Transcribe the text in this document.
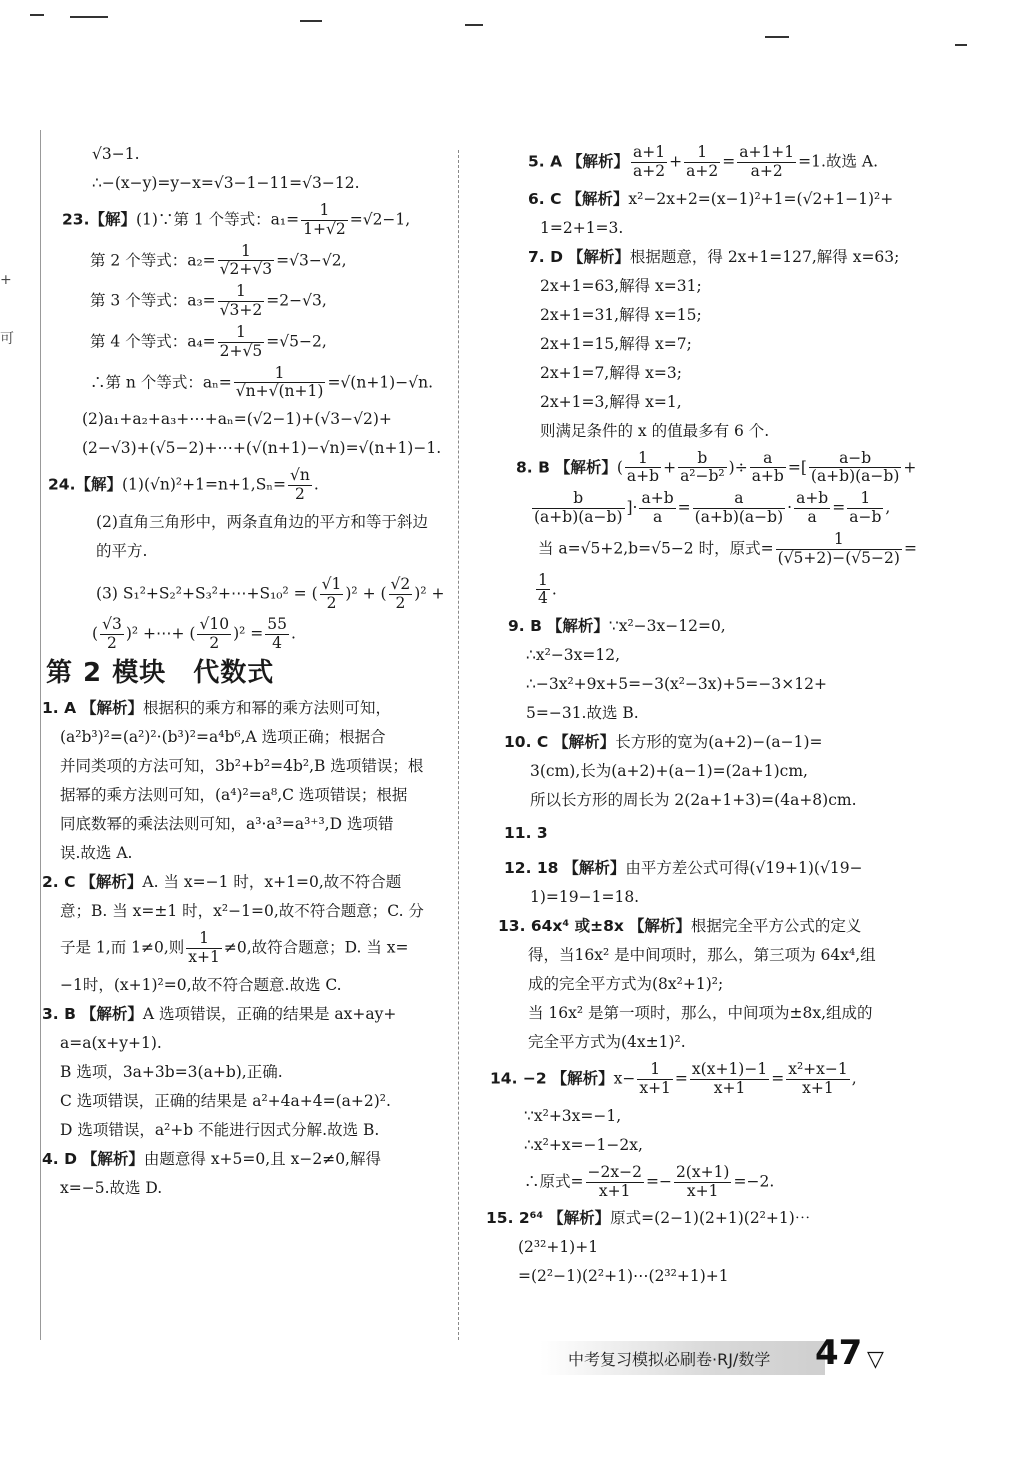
+
可
√3−1.
∴−(x−y)=y−x=√3−1−11=√3−12.
23.【解】(1)∵第 1 个等式：$a_1= \frac{1}{1+√2} =√2-1$,
第 2 个等式：$a_2= \frac{1}{√2+√3} =√3-√2$,
第 3 个等式：$a_3= \frac{1}{√3+2} =2-√3$,
第 4 个等式：$a_4= \frac{1}{2+√5} =√5-2$,
∴第 n 个等式：$a_n= \frac{1}{√n+√(n+1)} =√(n+1)-√n$.
(2)a₁+a₂+a₃+⋯+aₙ=(√2−1)+(√3−√2)+
(2−√3)+(√5−2)+⋯+(√(n+1)−√n)=√(n+1)−1.
24.【解】$(1)(√n)^2+1=n+1,S_n= \frac{√n}{2}$ .
(2)直角三角形中，两条直角边的平方和等于斜边
的平方.
(3) S₁²+S₂²+S₃²+⋯+S₁₀² = ( $\frac{√1}{2} )^2$ + ( $\frac{√2}{2} )^2$ +
( $\frac{√3}{2} )^2$ +⋯+ ( $\frac{√10}{2} )^2 = \frac{55}{4}$ .
第 2 模块　代数式
1. A 【解析】根据积的乘方和幂的乘方法则可知，
(a²b³)²=(a²)²·(b³)²=a⁴b⁶,A 选项正确；根据合
并同类项的方法可知，3b²+b²=4b²,B 选项错误；根
据幂的乘方法则可知，(a⁴)²=a⁸,C 选项错误；根据
同底数幂的乘法法则可知，a³·a³=a³⁺³,D 选项错
误.故选 A.
2. C 【解析】A. 当 x=−1 时，x+1=0,故不符合题
意；B. 当 x=±1 时，x²−1=0,故不符合题意；C. 分
子是 1,而 1≠0,则 $\frac{1}{x+1} \ne 0$,故符合题意；D. 当 x=
−1时，(x+1)²=0,故不符合题意.故选 C.
3. B 【解析】A 选项错误，正确的结果是 ax+ay+
a=a(x+y+1).
B 选项，3a+3b=3(a+b),正确.
C 选项错误，正确的结果是 a²+4a+4=(a+2)².
D 选项错误，a²+b 不能进行因式分解.故选 B.
4. D 【解析】由题意得 x+5=0,且 x−2≠0,解得
x=−5.故选 D.
5. A 【解析】 $\frac{a+1}{a+2} + \frac{1}{a+2} = \frac{a+1+1}{a+2} =1$.故选 A.
6. C 【解析】x²−2x+2=(x−1)²+1=(√2+1−1)²+
1=2+1=3.
7. D 【解析】根据题意，得 2x+1=127,解得 x=63;
2x+1=63,解得 x=31;
2x+1=31,解得 x=15;
2x+1=15,解得 x=7;
2x+1=7,解得 x=3;
2x+1=3,解得 x=1,
则满足条件的 x 的值最多有 6 个.
8. B 【解析】( $\frac{1}{a+b} + \frac{b}{\text{a²−b²}}$ )÷ $\frac{a}{a+b}$ =[ $\frac{a-b}{(a+b)(a-b)}$ +
$\frac{b}{(a+b)(a-b)}$ ]· $\frac{a+b}{a} = \frac{a}{(a+b)(a-b)} \cdot \frac{a+b}{a} = \frac{1}{a-b}$ ,
当 a=√5+2,b=√5−2 时，原式= $\frac{1}{(√5+2)-(√5-2)}$ =
$\frac{1}{4}$ .
9. B 【解析】∵x²−3x−12=0,
∴x²−3x=12,
∴−3x²+9x+5=−3(x²−3x)+5=−3×12+
5=−31.故选 B.
10. C 【解析】长方形的宽为(a+2)−(a−1)=
3(cm),长为(a+2)+(a−1)=(2a+1)cm,
所以长方形的周长为 2(2a+1+3)=(4a+8)cm.
11. 3
12. 18 【解析】由平方差公式可得(√19+1)(√19−
1)=19−1=18.
13. 64x⁴ 或±8x 【解析】根据完全平方公式的定义
得，当16x² 是中间项时，那么，第三项为 64x⁴,组
成的完全平方式为(8x²+1)²;
当 16x² 是第一项时，那么，中间项为±8x,组成的
完全平方式为(4x±1)².
14. −2 【解析】$x- \frac{1}{x+1} = \frac{x(x+1)-1}{x+1} = \frac{\text{x²+x−1}}{x+1}$ ,
∵x²+3x=−1,
∴x²+x=−1−2x,
∴原式= $\frac{-2x-2}{x+1} =- \frac{2(x+1)}{x+1} =-2$.
15. 2⁶⁴ 【解析】原式=(2−1)(2+1)(2²+1)⋯
(2³²+1)+1
=(2²−1)(2²+1)⋯(2³²+1)+1
中考复习模拟必刷卷·RJ/数学 47 ▽
